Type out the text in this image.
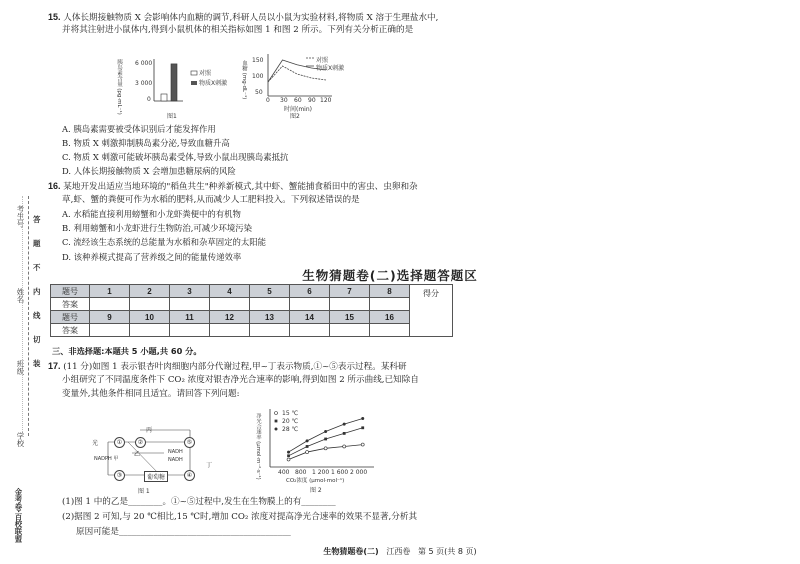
考生号
姓名
班级
学校
金考卷·百校联盟
答
题
不
内
线
切
装
15. 人体长期接触物质 X 会影响体内血糖的调节,科研人员以小鼠为实验材料,将物质 X 溶于生理盐水中,
并将其注射进小鼠体内,得到小鼠机体的相关指标如图 1 和图 2 所示。下列有关分析正确的是
胰岛素含量 (pg·mL⁻¹) 6 000
3 000
0
对照
物质X刺激
图1
血糖 (mg·dL⁻¹) 150
100
50
对照
物质X刺激
0 30 60 90 120
时间(min)
图2
A. 胰岛素需要被受体识别后才能发挥作用
B. 物质 X 刺激抑制胰岛素分泌,导致血糖升高
C. 物质 X 刺激可能破坏胰岛素受体,导致小鼠出现胰岛素抵抗
D. 人体长期接触物质 X 会增加患糖尿病的风险
16. 某地开发出适应当地环境的"稻鱼共生"种养新模式,其中虾、蟹能捕食稻田中的害虫、虫卵和杂
草,虾、蟹的粪便可作为水稻的肥料,从而减少人工肥料投入。下列叙述错误的是
A. 水稻能直接利用螃蟹和小龙虾粪便中的有机物
B. 利用螃蟹和小龙虾进行生物防治,可减少环境污染
C. 流经该生态系统的总能量为水稻和杂草固定的太阳能
D. 该种养模式提高了营养级之间的能量传递效率
生物猜题卷(二)选择题答题区
题号	1	2	3	4	5	6	7	8	得分
答案									
题号	9	10	11	12	13	14	15	16	
答案									
三、非选择题:本题共 5 小题,共 60 分。
17. (11 分)如图 1 表示银杏叶肉细胞内部分代谢过程,甲~丁表示物质,①~⑤表示过程。某科研
小组研究了不同温度条件下 CO₂ 浓度对银杏净光合速率的影响,得到如图 2 所示曲线,已知除自
变量外,其他条件相同且适宜。请回答下列问题:
光	①	②	⑤
丙
乙
NADPH 甲
NADH
NADH
③	④
葡萄糖
丁
图 1
净光合速率 (μmol·m⁻²·s⁻¹)	15 ℃
20 ℃
28 ℃
400 800 1 200 1 600 2 000
CO₂浓度 (μmol·mol⁻¹)
图 2
(1)图 1 中的乙是________。①~⑤过程中,发生在生物膜上的有________
(2)据图 2 可知,与 20 ℃相比,15 ℃时,增加 CO₂ 浓度对提高净光合速率的效果不显著,分析其
原因可能是________________________________________
生物猜题卷(二) 江西卷 第 5 页(共 8 页)
